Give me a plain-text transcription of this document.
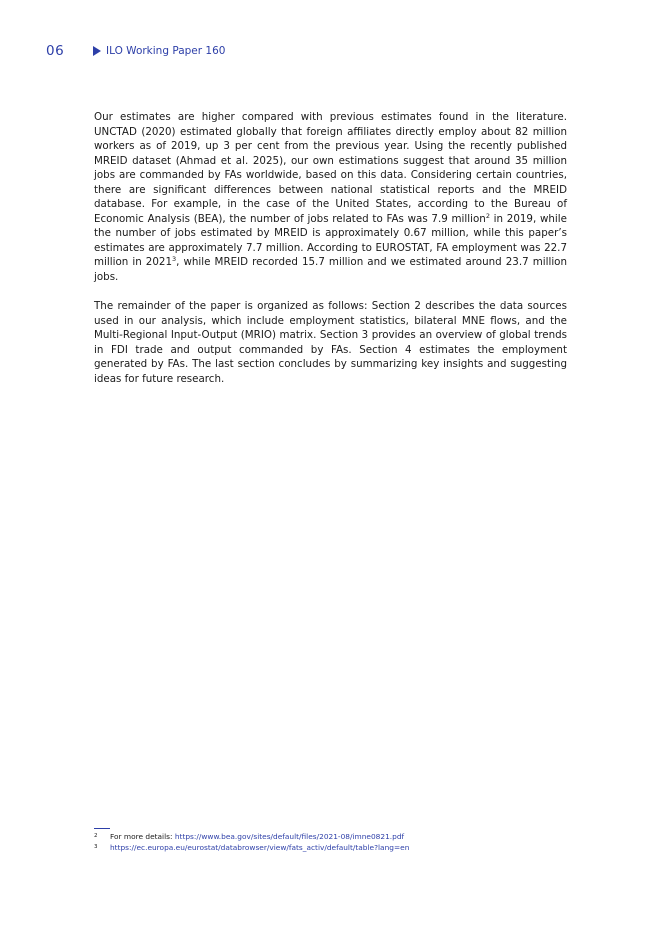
06	ILO Working Paper 160

Our estimates are higher compared with previous estimates found in the literature. UNCTAD (2020) estimated globally that foreign affiliates directly employ about 82 million workers as of 2019, up 3 per cent from the previous year. Using the recently published MREID dataset (Ahmad et al. 2025), our own estimations suggest that around 35 million jobs are commanded by FAs worldwide, based on this data. Considering certain countries, there are significant differences between national statistical reports and the MREID database. For example, in the case of the United States, according to the Bureau of Economic Analysis (BEA), the number of jobs related to FAs was 7.9 million$^2$ in 2019, while the number of jobs estimated by MREID is approximately 0.67 million, while this paper’s estimates are approximately 7.7 million. According to EUROSTAT, FA employment was 22.7 million in 2021$^3$, while MREID recorded 15.7 million and we estimated around 23.7 million jobs.

The remainder of the paper is organized as follows: Section 2 describes the data sources used in our analysis, which include employment statistics, bilateral MNE flows, and the Multi-Regional Input-Output (MRIO) matrix. Section 3 provides an overview of global trends in FDI trade and output commanded by FAs. Section 4 estimates the employment generated by FAs. The last section concludes by summarizing key insights and suggesting ideas for future research.

2	For more details: https://www.bea.gov/sites/default/files/2021-08/imne0821.pdf
3	https://ec.europa.eu/eurostat/databrowser/view/fats_activ/default/table?lang=en
